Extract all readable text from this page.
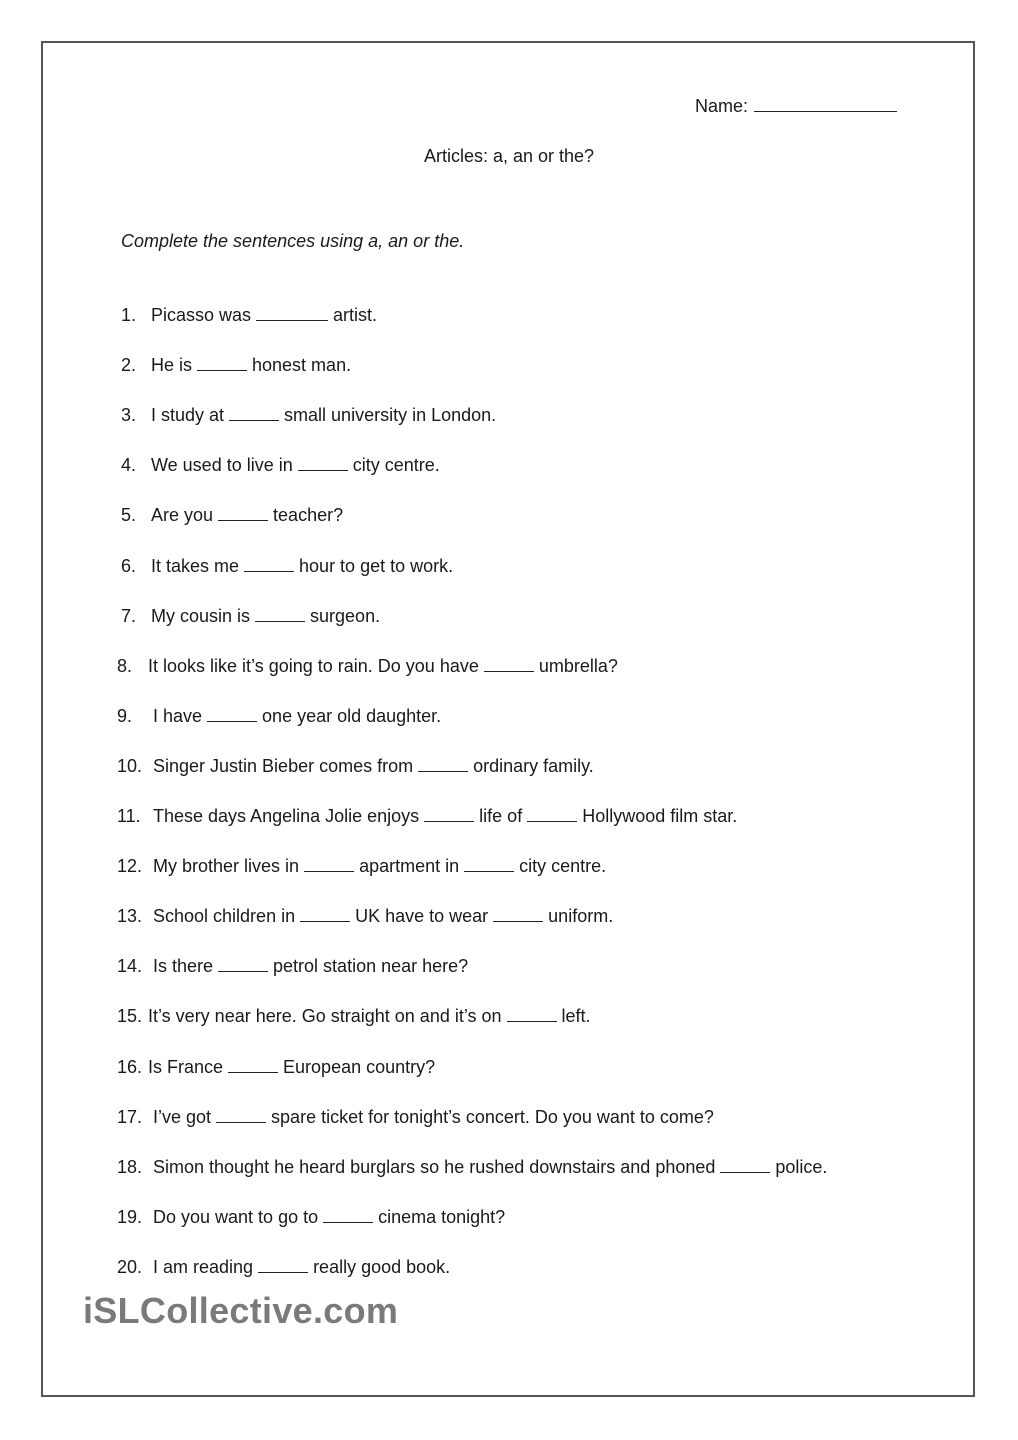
Name:
Articles: a, an or the?
Complete the sentences using a, an or the.
1. Picasso was	artist.
2. He is	honest man.
3. I study at	small university in London.
4. We used to live in	city centre.
5. Are you	teacher?
6. It takes me	hour to get to work.
7. My cousin is	surgeon.
8. It looks like it’s going to rain. Do you have	umbrella?
9. I have	one year old daughter.
10. Singer Justin Bieber comes from	ordinary family.
11. These days Angelina Jolie enjoys	life of	Hollywood film star.
12. My brother lives in	apartment in	city centre.
13. School children in	UK have to wear	uniform.
14. Is there	petrol station near here?
15. It’s very near here. Go straight on and it’s on	left.
16. Is France	European country?
17. I’ve got	spare ticket for tonight’s concert. Do you want to come?
18. Simon thought he heard burglars so he rushed downstairs and phoned	police.
19. Do you want to go to	cinema tonight?
20. I am reading	really good book.
iSLCollective.com
